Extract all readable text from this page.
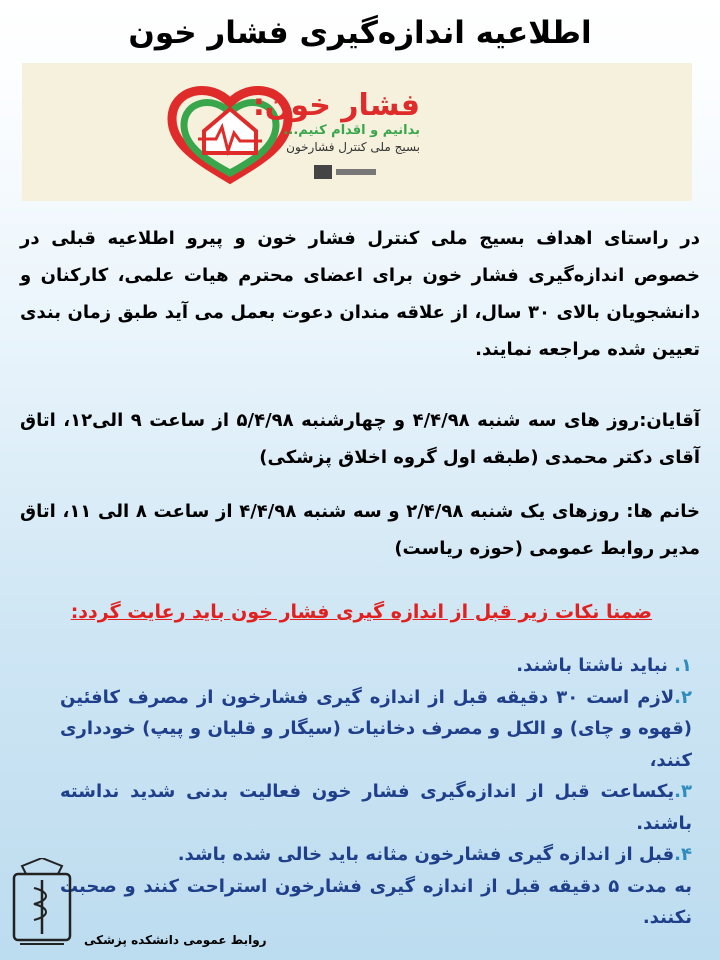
اطلاعیه اندازه‌گیری فشار خون
فشار خون:
بدانیم و اقدام کنیم...
بسیج ملی کنترل فشارخون
در راستای اهداف بسیج ملی کنترل فشار خون و پیرو اطلاعیه قبلی در خصوص اندازه‌گیری فشار خون برای اعضای محترم هیات علمی، کارکنان و دانشجویان بالای ۳۰ سال، از علاقه مندان دعوت بعمل می آید طبق زمان بندی تعیین شده مراجعه نمایند.
آقایان:روز های سه شنبه ۴/۴/۹۸ و چهارشنبه ۵/۴/۹۸ از ساعت ۹ الی۱۲، اتاق آقای دکتر محمدی (طبقه اول گروه اخلاق پزشکی)
خانم ها: روزهای یک شنبه ۲/۴/۹۸ و سه شنبه ۴/۴/۹۸ از ساعت ۸ الی ۱۱، اتاق مدیر روابط عمومی (حوزه ریاست)
ضمنا نکات زیر قبل از اندازه گیری فشار خون باید رعایت گردد:
۱. نباید ناشتا باشند.
۲.لازم است ۳۰ دقیقه قبل از اندازه گیری فشارخون از مصرف کافئین (قهوه و چای) و الکل و مصرف دخانیات (سیگار و قلیان و پیپ) خودداری کنند،
۳.یکساعت قبل از اندازه‌گیری فشار خون فعالیت بدنی شدید نداشته باشند.
۴.قبل از اندازه گیری فشارخون مثانه باید خالی شده باشد.
به مدت ۵ دقیقه قبل از اندازه گیری فشارخون استراحت کنند و صحبت نکنند.
روابط عمومی دانشکده پزشکی
